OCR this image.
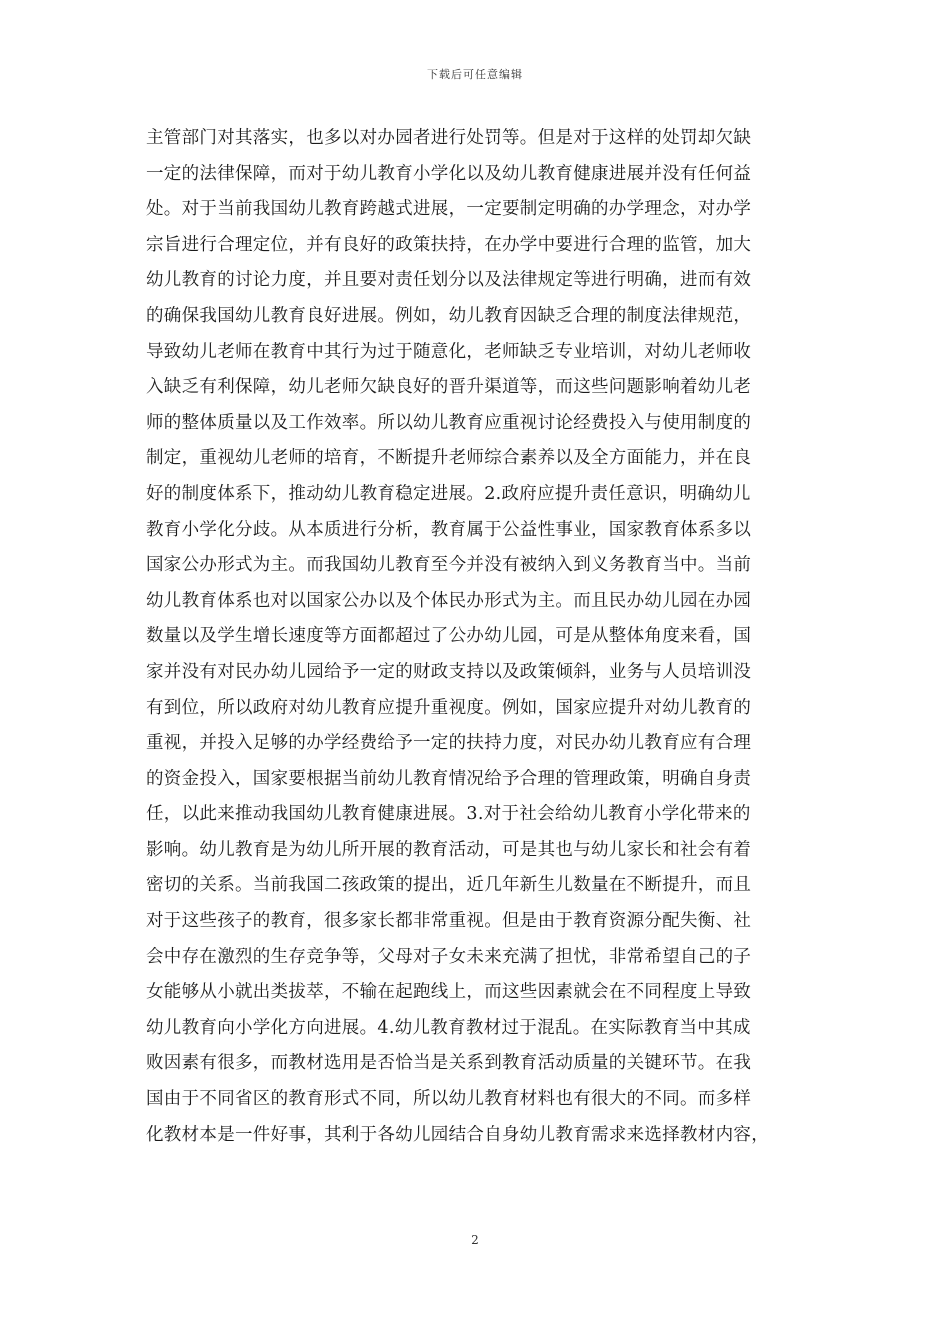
下载后可任意编辑
主管部门对其落实，也多以对办园者进行处罚等。但是对于这样的处罚却欠缺
一定的法律保障，而对于幼儿教育小学化以及幼儿教育健康进展并没有任何益
处。对于当前我国幼儿教育跨越式进展，一定要制定明确的办学理念，对办学
宗旨进行合理定位，并有良好的政策扶持，在办学中要进行合理的监管，加大
幼儿教育的讨论力度，并且要对责任划分以及法律规定等进行明确，进而有效
的确保我国幼儿教育良好进展。例如，幼儿教育因缺乏合理的制度法律规范，
导致幼儿老师在教育中其行为过于随意化，老师缺乏专业培训，对幼儿老师收
入缺乏有利保障，幼儿老师欠缺良好的晋升渠道等，而这些问题影响着幼儿老
师的整体质量以及工作效率。所以幼儿教育应重视讨论经费投入与使用制度的
制定，重视幼儿老师的培育，不断提升老师综合素养以及全方面能力，并在良
好的制度体系下，推动幼儿教育稳定进展。2.政府应提升责任意识，明确幼儿
教育小学化分歧。从本质进行分析，教育属于公益性事业，国家教育体系多以
国家公办形式为主。而我国幼儿教育至今并没有被纳入到义务教育当中。当前
幼儿教育体系也对以国家公办以及个体民办形式为主。而且民办幼儿园在办园
数量以及学生增长速度等方面都超过了公办幼儿园，可是从整体角度来看，国
家并没有对民办幼儿园给予一定的财政支持以及政策倾斜，业务与人员培训没
有到位，所以政府对幼儿教育应提升重视度。例如，国家应提升对幼儿教育的
重视，并投入足够的办学经费给予一定的扶持力度，对民办幼儿教育应有合理
的资金投入，国家要根据当前幼儿教育情况给予合理的管理政策，明确自身责
任，以此来推动我国幼儿教育健康进展。3.对于社会给幼儿教育小学化带来的
影响。幼儿教育是为幼儿所开展的教育活动，可是其也与幼儿家长和社会有着
密切的关系。当前我国二孩政策的提出，近几年新生儿数量在不断提升，而且
对于这些孩子的教育，很多家长都非常重视。但是由于教育资源分配失衡、社
会中存在激烈的生存竞争等，父母对子女未来充满了担忧，非常希望自己的子
女能够从小就出类拔萃，不输在起跑线上，而这些因素就会在不同程度上导致
幼儿教育向小学化方向进展。4.幼儿教育教材过于混乱。在实际教育当中其成
败因素有很多，而教材选用是否恰当是关系到教育活动质量的关键环节。在我
国由于不同省区的教育形式不同，所以幼儿教育材料也有很大的不同。而多样
化教材本是一件好事，其利于各幼儿园结合自身幼儿教育需求来选择教材内容，
2
